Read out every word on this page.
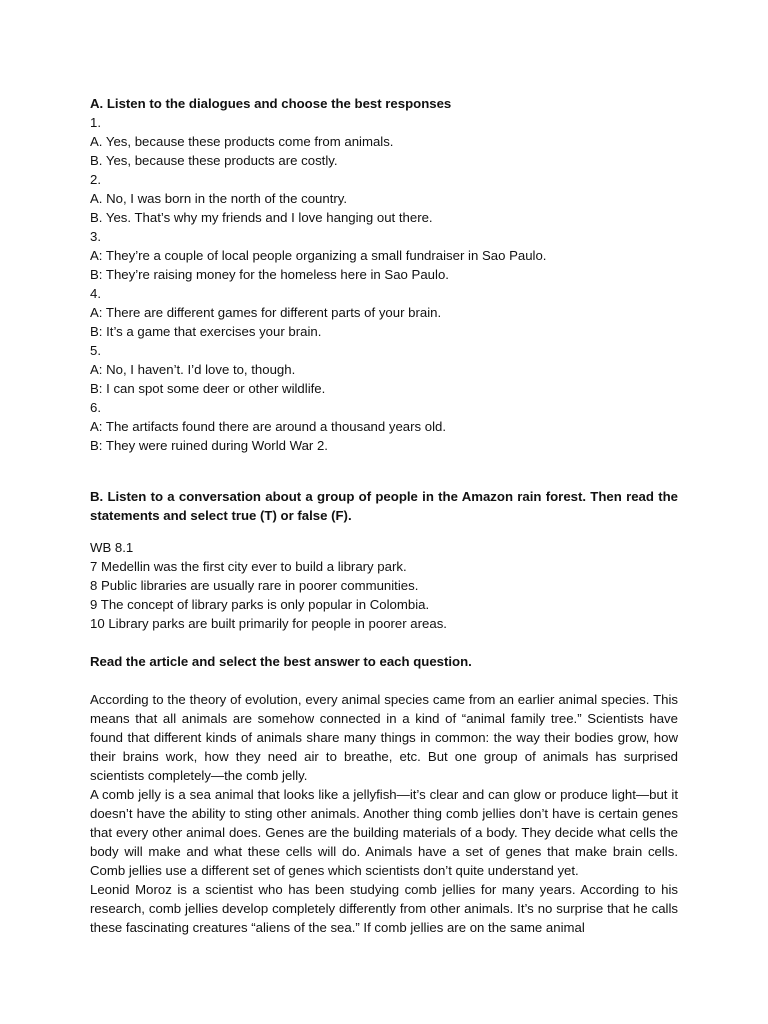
A. Listen to the dialogues and choose the best responses

1.

A. Yes, because these products come from animals.

B. Yes, because these products are costly.

2.

A. No, I was born in the north of the country.

B. Yes. That’s why my friends and I love hanging out there.

3.

A: They’re a couple of local people organizing a small fundraiser in Sao Paulo.

B: They’re raising money for the homeless here in Sao Paulo.

4.

A: There are different games for different parts of your brain.

B: It’s a game that exercises your brain.

5.

A: No, I haven’t. I’d love to, though.

B: I can spot some deer or other wildlife.

6.

A: The artifacts found there are around a thousand years old.

B: They were ruined during World War 2.

B. Listen to a conversation about a group of people in the Amazon rain forest. Then read the statements and select true (T) or false (F).

WB 8.1

7 Medellin was the first city ever to build a library park.

8 Public libraries are usually rare in poorer communities.

9 The concept of library parks is only popular in Colombia.

10 Library parks are built primarily for people in poorer areas.

Read the article and select the best answer to each question.

According to the theory of evolution, every animal species came from an earlier animal species. This means that all animals are somehow connected in a kind of “animal family tree.” Scientists have found that different kinds of animals share many things in common: the way their bodies grow, how their brains work, how they need air to breathe, etc. But one group of animals has surprised scientists completely—the comb jelly.

A comb jelly is a sea animal that looks like a jellyfish—it’s clear and can glow or produce light—but it doesn’t have the ability to sting other animals. Another thing comb jellies don’t have is certain genes that every other animal does. Genes are the building materials of a body. They decide what cells the body will make and what these cells will do. Animals have a set of genes that make brain cells. Comb jellies use a different set of genes which scientists don’t quite understand yet.

Leonid Moroz is a scientist who has been studying comb jellies for many years. According to his research, comb jellies develop completely differently from other animals. It’s no surprise that he calls these fascinating creatures “aliens of the sea.” If comb jellies are on the same animal
